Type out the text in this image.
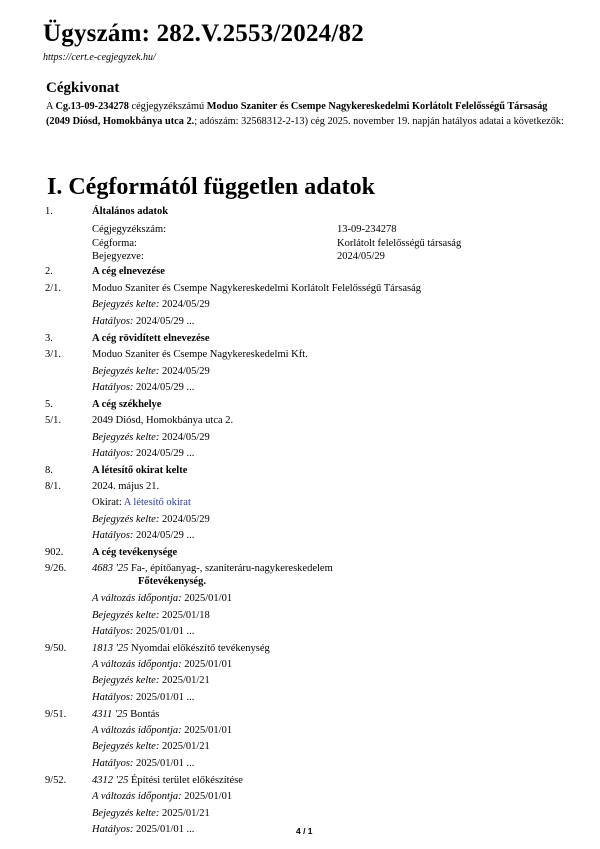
Ügyszám: 282.V.2553/2024/82
https://cert.e-cegjegyzek.hu/
Cégkivonat
A Cg.13-09-234278 cégjegyzékszámú Moduo Szaniter és Csempe Nagykereskedelmi Korlátolt Felelősségű Társaság (2049 Diósd, Homokbánya utca 2.; adószám: 32568312-2-13) cég 2025. november 19. napján hatályos adatai a következők:
I. Cégformától független adatok
1.	Általános adatok
Cégjegyzékszám:	13-09-234278
Cégforma:	Korlátolt felelősségű társaság
Bejegyezve:	2024/05/29
2.	A cég elnevezése
2/1.	Moduo Szaniter és Csempe Nagykereskedelmi Korlátolt Felelősségű Társaság
Bejegyzés kelte: 2024/05/29
Hatályos: 2024/05/29 ...
3.	A cég rövidített elnevezése
3/1.	Moduo Szaniter és Csempe Nagykereskedelmi Kft.
Bejegyzés kelte: 2024/05/29
Hatályos: 2024/05/29 ...
5.	A cég székhelye
5/1.	2049 Diósd, Homokbánya utca 2.
Bejegyzés kelte: 2024/05/29
Hatályos: 2024/05/29 ...
8.	A létesítő okirat kelte
8/1.	2024. május 21.
Okirat: A létesítő okirat
Bejegyzés kelte: 2024/05/29
Hatályos: 2024/05/29 ...
902.	A cég tevékenysége
9/26. 4683 '25 Fa-, építőanyag-, szaniteráru-nagykereskedelem
Főtevékenység.
A változás időpontja: 2025/01/01
Bejegyzés kelte: 2025/01/18
Hatályos: 2025/01/01 ...
9/50. 1813 '25 Nyomdai előkészítő tevékenység
A változás időpontja: 2025/01/01
Bejegyzés kelte: 2025/01/21
Hatályos: 2025/01/01 ...
9/51. 4311 '25 Bontás
A változás időpontja: 2025/01/01
Bejegyzés kelte: 2025/01/21
Hatályos: 2025/01/01 ...
9/52. 4312 '25 Építési terület előkészítése
A változás időpontja: 2025/01/01
Bejegyzés kelte: 2025/01/21
Hatályos: 2025/01/01 ...	4 / 1
